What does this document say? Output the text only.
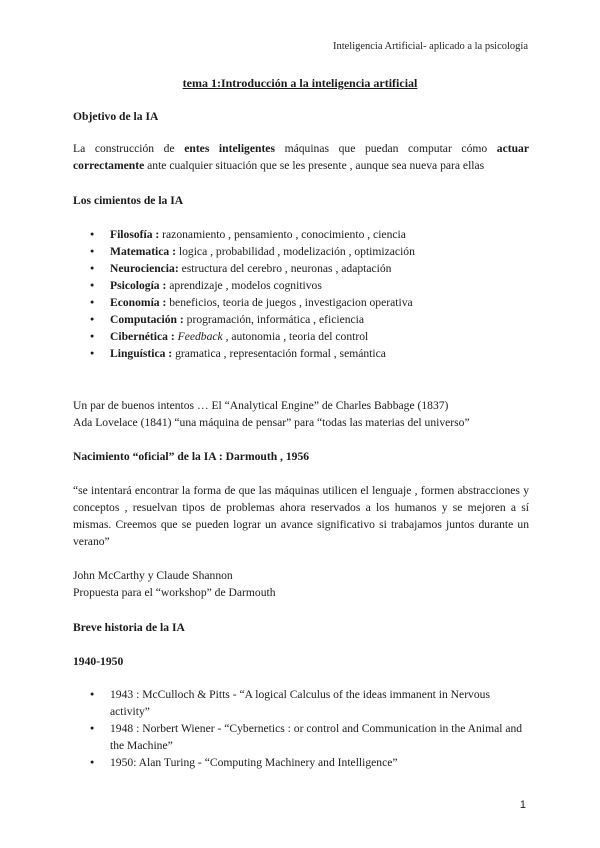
Inteligencia Artificial- aplicado a la psicología
tema 1:Introducción a la inteligencia artificial
Objetivo de la IA
La construcción de entes inteligentes máquinas que puedan computar cómo actuar correctamente ante cualquier situación que se les presente , aunque sea nueva para ellas
Los cimientos de la IA
● Filosofía : razonamiento , pensamiento , conocimiento , ciencia
● Matematica : logica , probabilidad , modelización , optimización
● Neurociencia: estructura del cerebro , neuronas , adaptación
● Psicología : aprendizaje , modelos cognitivos
● Economía : beneficios, teoria de juegos , investigacion operativa
● Computación : programación, informática , eficiencia
● Cibernética : Feedback , autonomia , teoria del control
● Linguística : gramatica , representación formal , semántica
Un par de buenos intentos … El “Analytical Engine” de Charles Babbage (1837)
Ada Lovelace (1841) “una máquina de pensar” para “todas las materias del universo”
Nacimiento “oficial” de la IA : Darmouth , 1956
“se intentará encontrar la forma de que las máquinas utilicen el lenguaje , formen abstracciones y conceptos , resuelvan tipos de problemas ahora reservados a los humanos y se mejoren a sí mismas. Creemos que se pueden lograr un avance significativo si trabajamos juntos durante un verano”
John McCarthy y Claude Shannon
Propuesta para el “workshop” de Darmouth
Breve historia de la IA
1940-1950
● 1943 : McCulloch & Pitts - “A logical Calculus of the ideas immanent in Nervous activity”
● 1948 : Norbert Wiener - “Cybernetics : or control and Communication in the Animal and the Machine”
● 1950: Alan Turing - “Computing Machinery and Intelligence”
1
